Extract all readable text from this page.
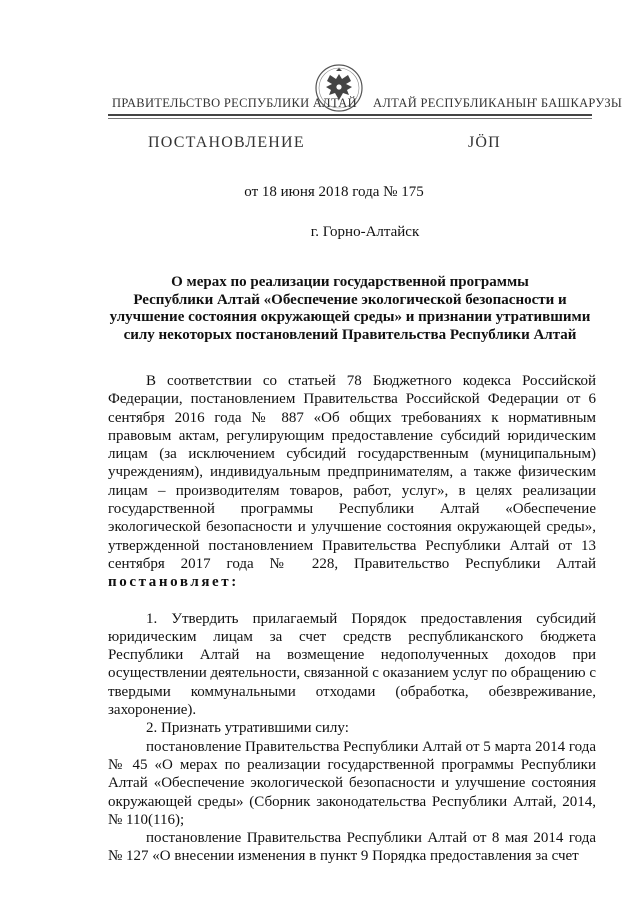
ПРАВИТЕЛЬСТВО РЕСПУБЛИКИ АЛТАЙ АЛТАЙ РЕСПУБЛИКАНЫҤ БАШКАРУЗЫ
ПОСТАНОВЛЕНИЕ	ЈӦП
от 18 июня 2018 года № 175
г. Горно-Алтайск
О мерах по реализации государственной программы
Республики Алтай «Обеспечение экологической безопасности и
улучшение состояния окружающей среды» и признании утратившими
силу некоторых постановлений Правительства Республики Алтай
В соответствии со статьей 78 Бюджетного кодекса Российской Федерации, постановлением Правительства Российской Федерации от 6 сентября 2016 года № 887 «Об общих требованиях к нормативным правовым актам, регулирующим предоставление субсидий юридическим лицам (за исключением субсидий государственным (муниципальным) учреждениям), индивидуальным предпринимателям, а также физическим лицам – производителям товаров, работ, услуг», в целях реализации государственной программы Республики Алтай «Обеспечение экологической безопасности и улучшение состояния окружающей среды», утвержденной постановлением Правительства Республики Алтай от 13 сентября 2017 года № 228, Правительство Республики Алтай постановляет:
1. Утвердить прилагаемый Порядок предоставления субсидий юридическим лицам за счет средств республиканского бюджета Республики Алтай на возмещение недополученных доходов при осуществлении деятельности, связанной с оказанием услуг по обращению с твердыми коммунальными отходами (обработка, обезвреживание, захоронение).
2. Признать утратившими силу:
постановление Правительства Республики Алтай от 5 марта 2014 года № 45 «О мерах по реализации государственной программы Республики Алтай «Обеспечение экологической безопасности и улучшение состояния окружающей среды» (Сборник законодательства Республики Алтай, 2014, № 110(116);
постановление Правительства Республики Алтай от 8 мая 2014 года № 127 «О внесении изменения в пункт 9 Порядка предоставления за счет
